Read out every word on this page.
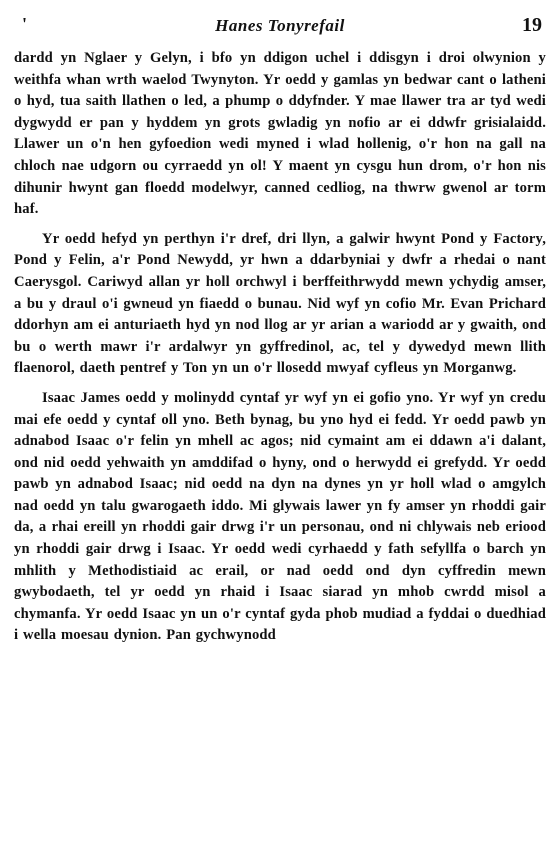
'	Hanes Tonyrefail	19

dardd yn Nglaer y Gelyn, i bfo yn ddigon uchel i ddisgyn i droi olwynion y weithfa whan wrth waelod Twynyton. Yr oedd y gamlas yn bedwar cant o latheni o hyd, tua saith llathen o led, a phump o ddyfnder. Y mae llawer tra ar tyd wedi dygwydd er pan y hyddem yn grots gwladig yn nofio ar ei ddwfr grisialaidd. Llawer un o'n hen gyfoedion wedi myned i wlad hollenig, o'r hon na gall na chloch nae udgorn ou cyrraedd yn ol! Y maent yn cysgu hun drom, o'r hon nis dihunir hwynt gan floedd modelwyr, canned cedliog, na thwrw gwenol ar torm haf.

Yr oedd hefyd yn perthyn i'r dref, dri llyn, a galwir hwynt Pond y Factory, Pond y Felin, a'r Pond Newydd, yr hwn a ddarbyniai y dwfr a rhedai o nant Caerysgol. Cariwyd allan yr holl orchwyl i berffeithrwydd mewn ychydig amser, a bu y draul o'i gwneud yn fiaedd o bunau. Nid wyf yn cofio Mr. Evan Prichard ddorhyn am ei anturiaeth hyd yn nod llog ar yr arian a wariodd ar y gwaith, ond bu o werth mawr i'r ardalwyr yn gyffredinol, ac, tel y dywedyd mewn llith flaenorol, daeth pentref y Ton yn un o'r llosedd mwyaf cyfleus yn Morganwg.

Isaac James oedd y molinydd cyntaf yr wyf yn ei gofio yno. Yr wyf yn credu mai efe oedd y cyntaf oll yno. Beth bynag, bu yno hyd ei fedd. Yr oedd pawb yn adnabod Isaac o'r felin yn mhell ac agos; nid cymaint am ei ddawn a'i dalant, ond nid oedd yehwaith yn amddifad o hyny, ond o herwydd ei grefydd. Yr oedd pawb yn adnabod Isaac; nid oedd na dyn na dynes yn yr holl wlad o amgylch nad oedd yn talu gwarogaeth iddo. Mi glywais lawer yn fy amser yn rhoddi gair da, a rhai ereill yn rhoddi gair drwg i'r un personau, ond ni chlywais neb eriood yn rhoddi gair drwg i Isaac. Yr oedd wedi cyrhaedd y fath sefyllfa o barch yn mhlith y Methodistiaid ac erail, or nad oedd ond dyn cyffredin mewn gwybodaeth, tel yr oedd yn rhaid i Isaac siarad yn mhob cwrdd misol a chymanfa. Yr oedd Isaac yn un o'r cyntaf gyda phob mudiad a fyddai o duedhiad i wella moesau dynion. Pan gychwynodd
